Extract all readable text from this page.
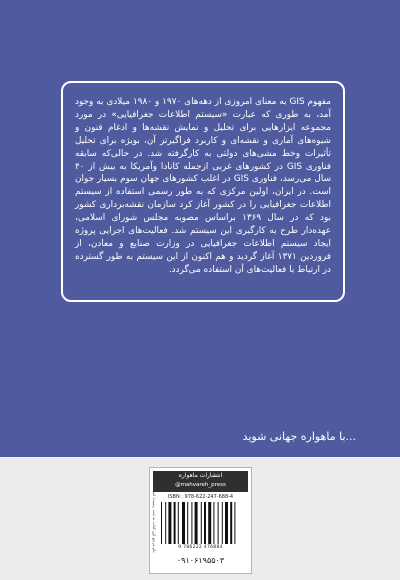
مفهوم GIS به معنای امروزی از دهه‌های ۱۹۷۰ و ۱۹۸۰ میلادی به وجود آمد، به طوری که عبارت «سیستم اطلاعات جغرافیایی» در مورد مجموعه ابزارهایی برای تحلیل و نمایش نقشه‌ها و ادغام فنون و شیوه‌های آماری و نقشه‌ای و کاربرد فراگیرتر آن، بویژه برای تحلیل تأثیرات وخط مشی‌های دولتی به کارگرفته شد. در حالی‌که سابقه فناوری GIS در کشورهای غربی ازجمله کانادا وآمریکا به بیش از ۴۰ سال می‌رسد، فناوری GIS در اغلب کشورهای جهان سوم بسیار جوان است. در ایران، اولین مرکزی که به طور رسمی استفاده از سیستم اطلاعات جغرافیایی را در کشور آغاز کرد سازمان نقشه‌برداری کشور بود که در سال ۱۳۶۹ براساس مصوبه مجلس شورای اسلامی، عهده‌دار طرح به کارگیری این سیستم شد. فعالیت‌های اجرایی پروژه ایجاد سیستم اطلاعات جغرافیایی در وزارت صنایع و معادن، از فروردین ۱۳۷۱ آغاز گردید و هم اکنون از این سیستم به طور گسترده در ارتباط با فعالیت‌های آن استفاده می‌گردد.

...با ماهواره جهانی شوید

انتشارات ماهواره
@mahvareh_press

ISBN : 978-622-247-688-4

9 786222 476884

۰۹۱۰۶۱۹۵۵۰۳

نام مرجع این کتاب به ثبت رسیده است
